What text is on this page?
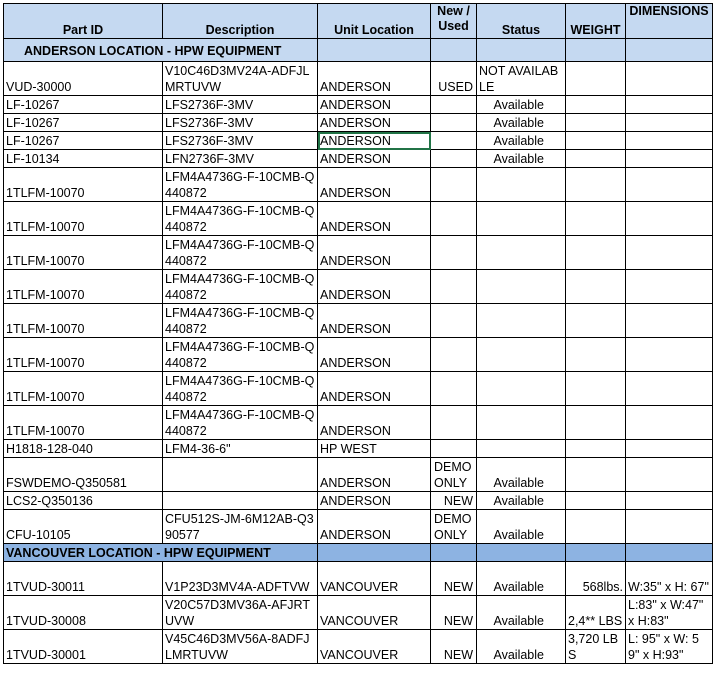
Part ID	Description	Unit Location	New / Used	Status	WEIGHT	DIMENSIONS
ANDERSON LOCATION - HPW EQUIPMENT						
VUD-30000	V10C46D3MV24A-ADFJLMRTUVW	ANDERSON	USED	NOT AVAILABLE		
LF-10267	LFS2736F-3MV	ANDERSON		Available		
LF-10267	LFS2736F-3MV	ANDERSON		Available		
LF-10267	LFS2736F-3MV	ANDERSON		Available		
LF-10134	LFN2736F-3MV	ANDERSON		Available		
1TLFM-10070	LFM4A4736G-F-10CMB-Q440872	ANDERSON				
1TLFM-10070	LFM4A4736G-F-10CMB-Q440872	ANDERSON				
1TLFM-10070	LFM4A4736G-F-10CMB-Q440872	ANDERSON				
1TLFM-10070	LFM4A4736G-F-10CMB-Q440872	ANDERSON				
1TLFM-10070	LFM4A4736G-F-10CMB-Q440872	ANDERSON				
1TLFM-10070	LFM4A4736G-F-10CMB-Q440872	ANDERSON				
1TLFM-10070	LFM4A4736G-F-10CMB-Q440872	ANDERSON				
1TLFM-10070	LFM4A4736G-F-10CMB-Q440872	ANDERSON				
H1818-128-040	LFM4-36-6"	HP WEST				
FSWDEMO-Q350581		ANDERSON	DEMO ONLY	Available		
LCS2-Q350136		ANDERSON	NEW	Available		
CFU-10105	CFU512S-JM-6M12AB-Q390577	ANDERSON	DEMO ONLY	Available		
VANCOUVER LOCATION - HPW EQUIPMENT						
1TVUD-30011	V1P23D3MV4A-ADFTVW	VANCOUVER	NEW	Available	568lbs.	W:35" x H: 67"
1TVUD-30008	V20C57D3MV36A-AFJRTUVW	VANCOUVER	NEW	Available	2,4** LBS	L:83" x W:47" x H:83"
1TVUD-30001	V45C46D3MV56A-8ADFJLMRTUVW	VANCOUVER	NEW	Available	3,720 LBS	L: 95" x W: 59" x H:93"
